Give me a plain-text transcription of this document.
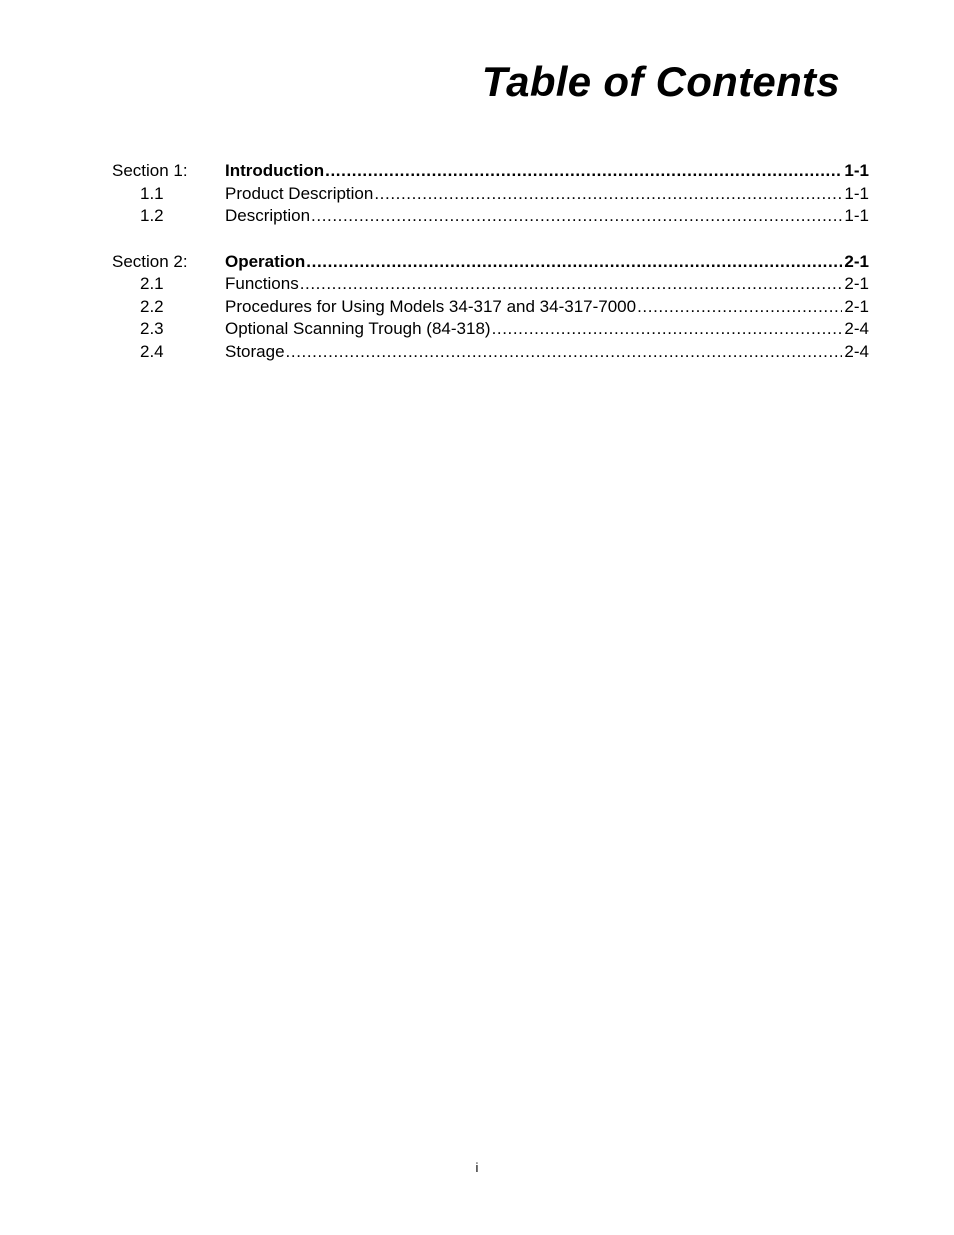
Table of Contents
Section 1: Introduction .....	1-1
1.1	Product Description .....	1-1
1.2	Description .....	1-1
Section 2: Operation .....	2-1
2.1	Functions .....	2-1
2.2	Procedures for Using Models 34-317 and 34-317-7000 .....	2-1
2.3	Optional Scanning Trough (84-318) .....	2-4
2.4	Storage .....	2-4
i
